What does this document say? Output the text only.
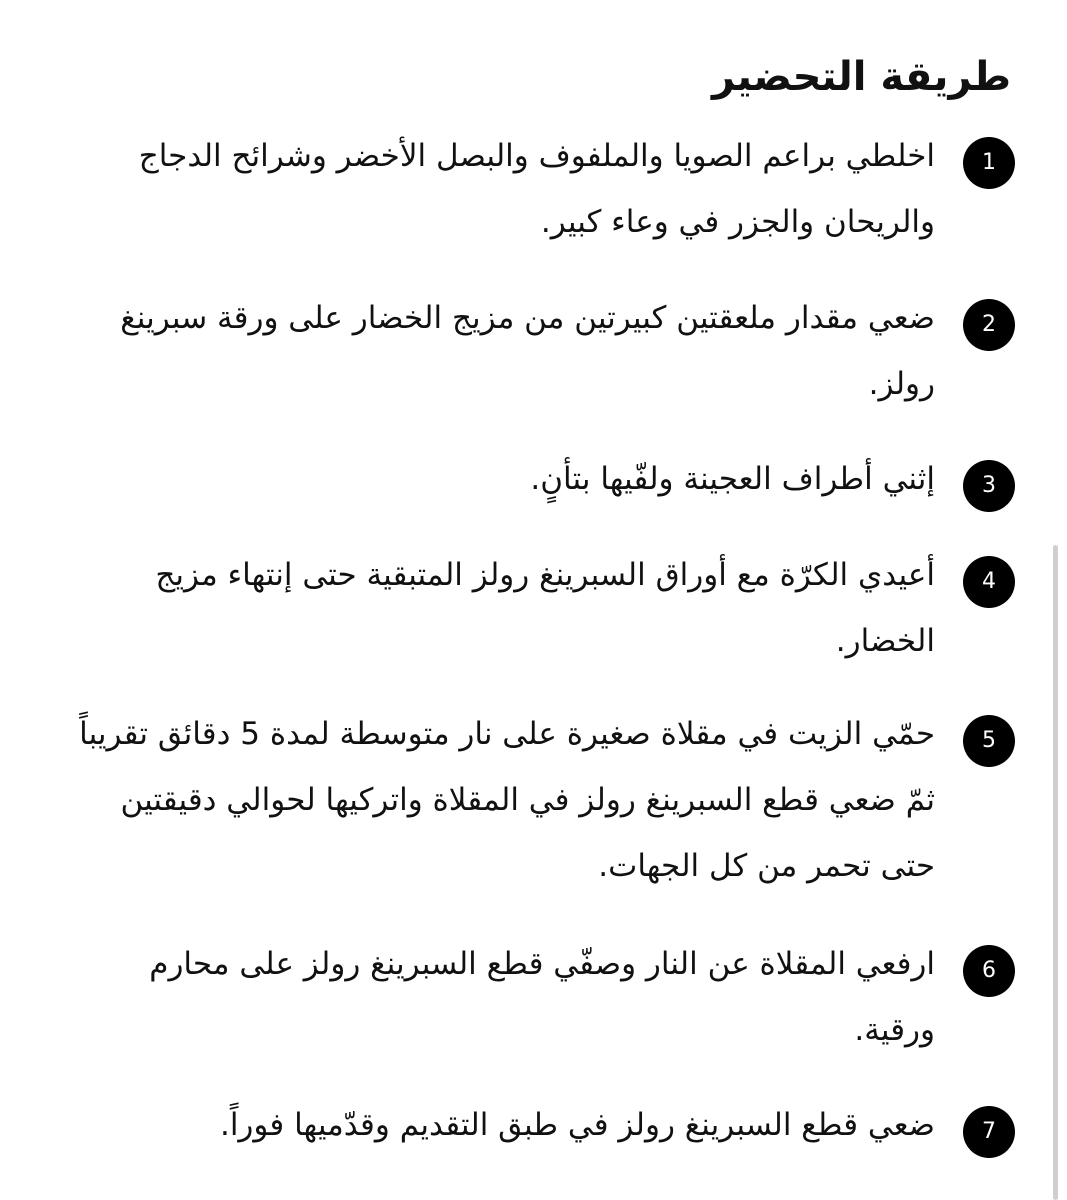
طريقة التحضير
1
اخلطي براعم الصويا والملفوف والبصل الأخضر وشرائح الدجاج والريحان والجزر في وعاء كبير.
2
ضعي مقدار ملعقتين كبيرتين من مزيج الخضار على ورقة سبرينغ رولز.
3
إثني أطراف العجينة ولفّيها بتأنٍ.
4
أعيدي الكرّة مع أوراق السبرينغ رولز المتبقية حتى إنتهاء مزيج الخضار.
5
حمّي الزيت في مقلاة صغيرة على نار متوسطة لمدة 5 دقائق تقريباً ثمّ ضعي قطع السبرينغ رولز في المقلاة واتركيها لحوالي دقيقتين حتى تحمر من كل الجهات.
6
ارفعي المقلاة عن النار وصفّي قطع السبرينغ رولز على محارم ورقية.
7
ضعي قطع السبرينغ رولز في طبق التقديم وقدّميها فوراً.
